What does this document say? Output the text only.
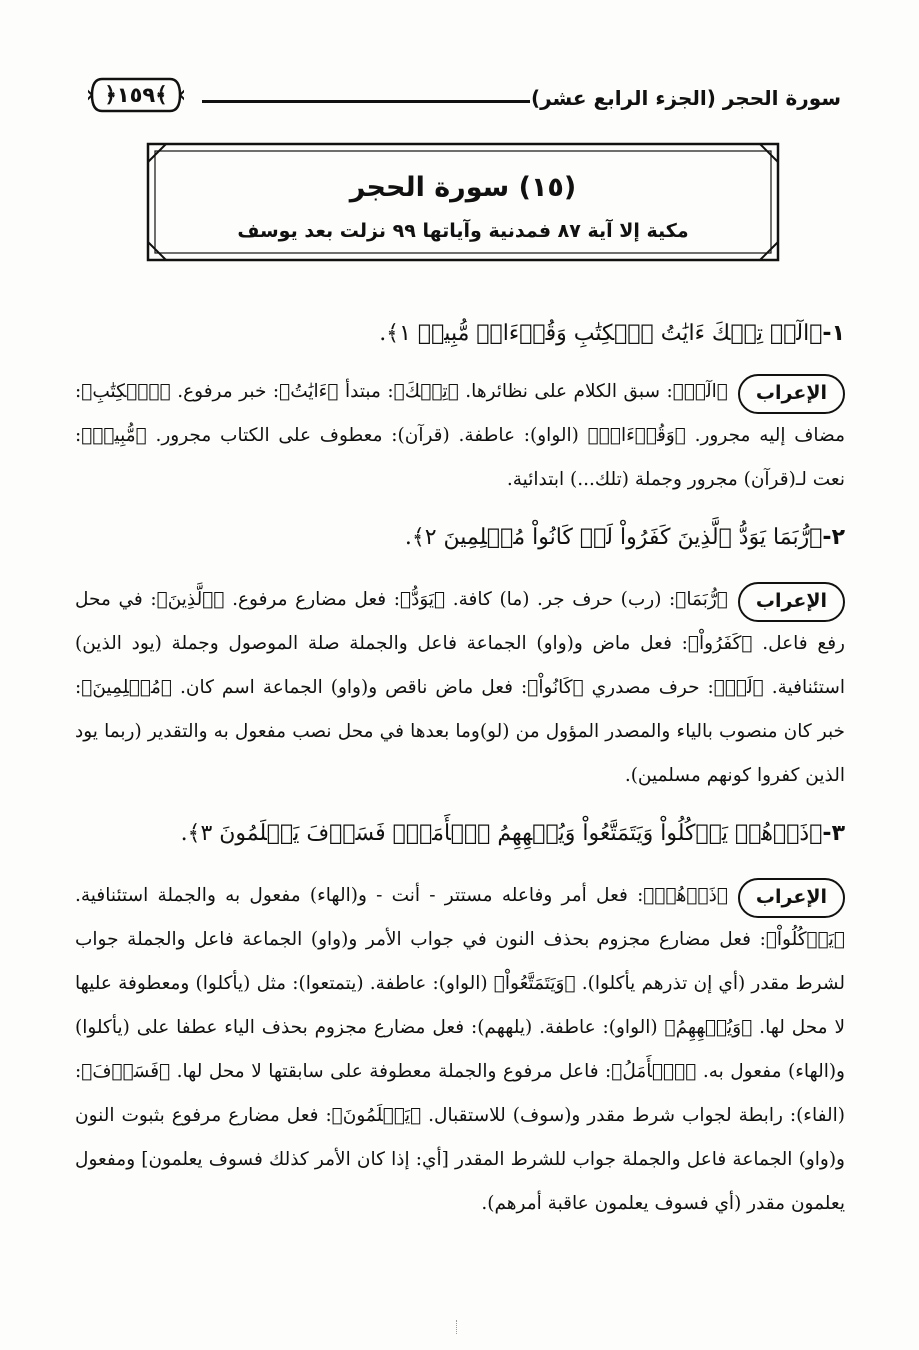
سورة الحجر (الجزء الرابع عشر)
﴿١٥٩﴾
(١٥) سورة الحجر
مكية إلا آية ٨٧ فمدنية وآياتها ٩٩ نزلت بعد يوسف
١-﴿الٓرۚ تِلۡكَ ءَايَٰتُ ٱلۡكِتَٰبِ وَقُرۡءَانٖ مُّبِينٖ ١﴾.
الإعراب
﴿الٓرۚ﴾: سبق الكلام على نظائرها. ﴿تِلۡكَ﴾: مبتدأ ﴿ءَايَٰتُ﴾: خبر مرفوع. ﴿ٱلۡكِتَٰبِ﴾: مضاف إليه مجرور. ﴿وَقُرۡءَانٖ﴾ (الواو): عاطفة. (قرآن): معطوف على الكتاب مجرور. ﴿مُّبِينٖ﴾: نعت لـ(قرآن) مجرور وجملة (تلك...) ابتدائية.
٢-﴿رُّبَمَا يَوَدُّ ٱلَّذِينَ كَفَرُواْ لَوۡ كَانُواْ مُسۡلِمِينَ ٢﴾.
الإعراب
﴿رُّبَمَا﴾: (رب) حرف جر. (ما) كافة. ﴿يَوَدُّ﴾: فعل مضارع مرفوع. ﴿ٱلَّذِينَ﴾: في محل رفع فاعل. ﴿كَفَرُواْ﴾: فعل ماض و(واو) الجماعة فاعل والجملة صلة الموصول وجملة (يود الذين) استئنافية. ﴿لَوۡ﴾: حرف مصدري ﴿كَانُواْ﴾: فعل ماض ناقص و(واو) الجماعة اسم كان. ﴿مُسۡلِمِينَ﴾: خبر كان منصوب بالياء والمصدر المؤول من (لو)وما بعدها في محل نصب مفعول به والتقدير (ربما يود الذين كفروا كونهم مسلمين).
٣-﴿ذَرۡهُمۡ يَأۡكُلُواْ وَيَتَمَتَّعُواْ وَيُلۡهِهِمُ ٱلۡأَمَلُۖ فَسَوۡفَ يَعۡلَمُونَ ٣﴾.
الإعراب
﴿ذَرۡهُمۡ﴾: فعل أمر وفاعله مستتر - أنت - و(الهاء) مفعول به والجملة استئنافية. ﴿يَأۡكُلُواْ﴾: فعل مضارع مجزوم بحذف النون في جواب الأمر و(واو) الجماعة فاعل والجملة جواب لشرط مقدر (أي إن تذرهم يأكلوا). ﴿وَيَتَمَتَّعُواْ﴾ (الواو): عاطفة. (يتمتعوا): مثل (يأكلوا) ومعطوفة عليها لا محل لها. ﴿وَيُلۡهِهِمُ﴾ (الواو): عاطفة. (يلههم): فعل مضارع مجزوم بحذف الياء عطفا على (يأكلوا) و(الهاء) مفعول به. ﴿ٱلۡأَمَلُ﴾: فاعل مرفوع والجملة معطوفة على سابقتها لا محل لها. ﴿فَسَوۡفَ﴾: (الفاء): رابطة لجواب شرط مقدر و(سوف) للاستقبال. ﴿يَعۡلَمُونَ﴾: فعل مضارع مرفوع بثبوت النون و(واو) الجماعة فاعل والجملة جواب للشرط المقدر [أي: إذا كان الأمر كذلك فسوف يعلمون] ومفعول يعلمون مقدر (أي فسوف يعلمون عاقبة أمرهم).
